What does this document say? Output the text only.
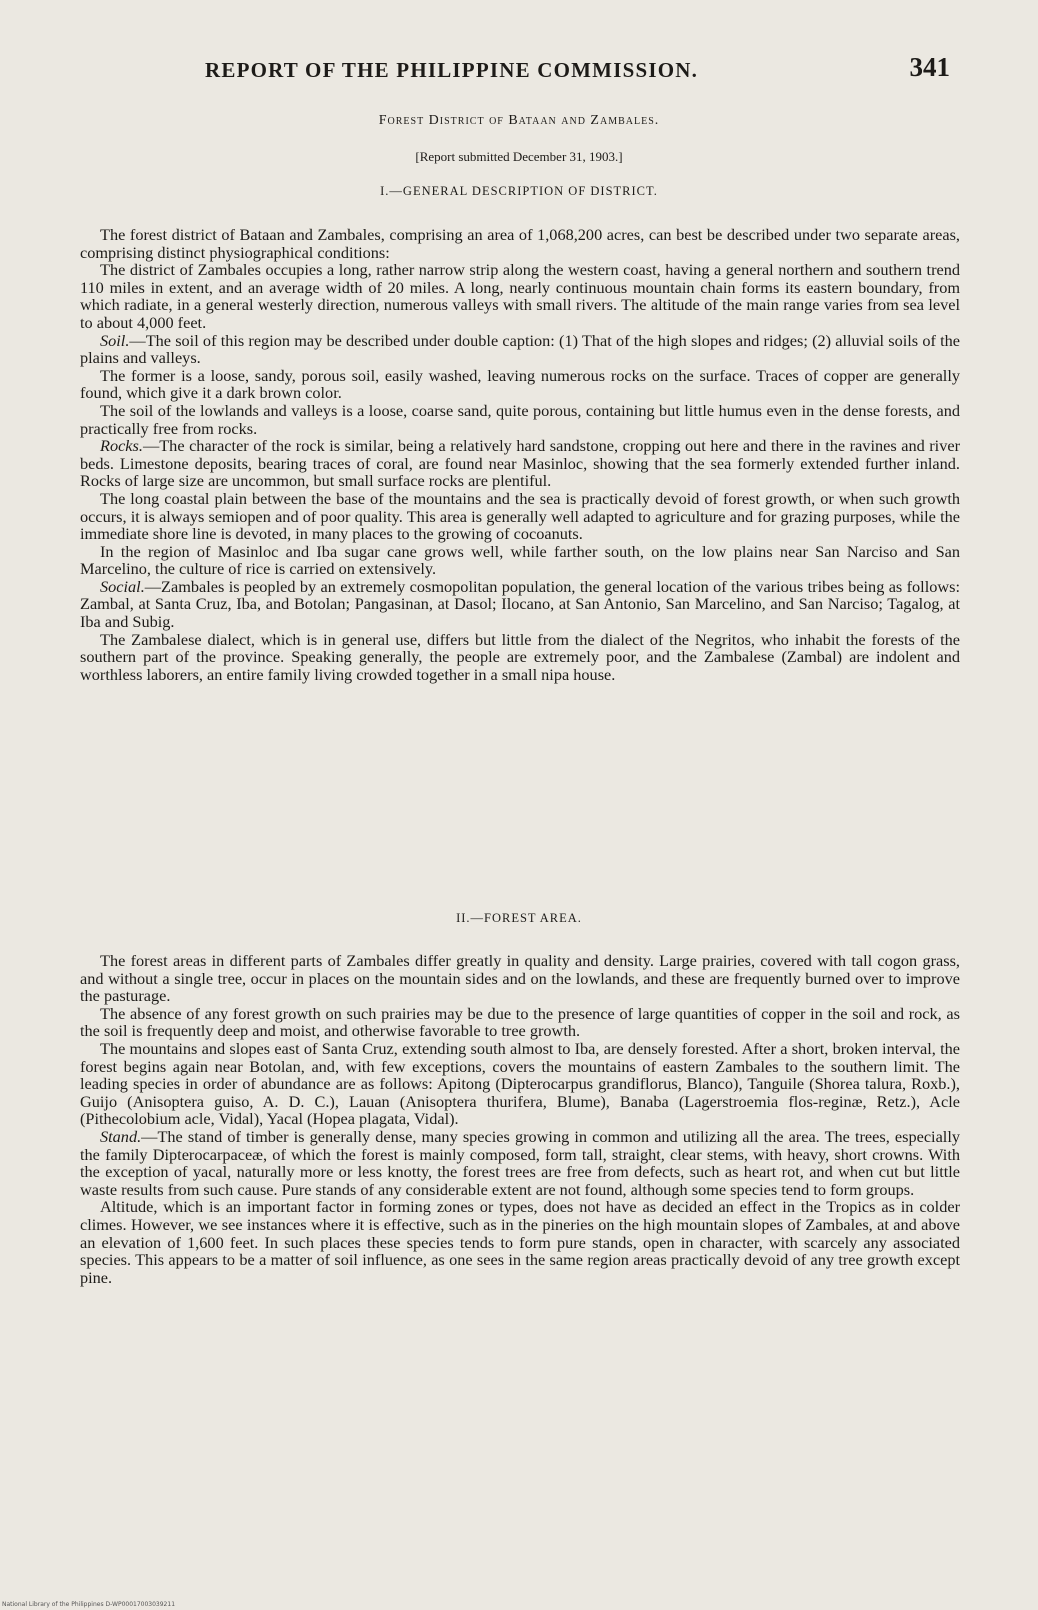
REPORT OF THE PHILIPPINE COMMISSION.	341
Forest District of Bataan and Zambales.
[Report submitted December 31, 1903.]
I.—GENERAL DESCRIPTION OF DISTRICT.

The forest district of Bataan and Zambales, comprising an area of 1,068,200 acres, can best be described under two separate areas, comprising distinct physiographical conditions:

The district of Zambales occupies a long, rather narrow strip along the western coast, having a general northern and southern trend 110 miles in extent, and an average width of 20 miles. A long, nearly continuous mountain chain forms its eastern boundary, from which radiate, in a general westerly direction, numerous valleys with small rivers. The altitude of the main range varies from sea level to about 4,000 feet.

Soil.—The soil of this region may be described under double caption: (1) That of the high slopes and ridges; (2) alluvial soils of the plains and valleys.

The former is a loose, sandy, porous soil, easily washed, leaving numerous rocks on the surface. Traces of copper are generally found, which give it a dark brown color.

The soil of the lowlands and valleys is a loose, coarse sand, quite porous, containing but little humus even in the dense forests, and practically free from rocks.

Rocks.—The character of the rock is similar, being a relatively hard sandstone, cropping out here and there in the ravines and river beds. Limestone deposits, bearing traces of coral, are found near Masinloc, showing that the sea formerly extended further inland. Rocks of large size are uncommon, but small surface rocks are plentiful.

The long coastal plain between the base of the mountains and the sea is practically devoid of forest growth, or when such growth occurs, it is always semiopen and of poor quality. This area is generally well adapted to agriculture and for grazing purposes, while the immediate shore line is devoted, in many places to the growing of cocoanuts.

In the region of Masinloc and Iba sugar cane grows well, while farther south, on the low plains near San Narciso and San Marcelino, the culture of rice is carried on extensively.

Social.—Zambales is peopled by an extremely cosmopolitan population, the general location of the various tribes being as follows: Zambal, at Santa Cruz, Iba, and Botolan; Pangasinan, at Dasol; Ilocano, at San Antonio, San Marcelino, and San Narciso; Tagalog, at Iba and Subig.

The Zambalese dialect, which is in general use, differs but little from the dialect of the Negritos, who inhabit the forests of the southern part of the province. Speaking generally, the people are extremely poor, and the Zambalese (Zambal) are indolent and worthless laborers, an entire family living crowded together in a small nipa house.

II.—FOREST AREA.

The forest areas in different parts of Zambales differ greatly in quality and density. Large prairies, covered with tall cogon grass, and without a single tree, occur in places on the mountain sides and on the lowlands, and these are frequently burned over to improve the pasturage.

The absence of any forest growth on such prairies may be due to the presence of large quantities of copper in the soil and rock, as the soil is frequently deep and moist, and otherwise favorable to tree growth.

The mountains and slopes east of Santa Cruz, extending south almost to Iba, are densely forested. After a short, broken interval, the forest begins again near Botolan, and, with few exceptions, covers the mountains of eastern Zambales to the southern limit. The leading species in order of abundance are as follows: Apitong (Dipterocarpus grandiflorus, Blanco), Tanguile (Shorea talura, Roxb.), Guijo (Anisoptera guiso, A. D. C.), Lauan (Anisoptera thurifera, Blume), Banaba (Lagerstroemia flos-reginæ, Retz.), Acle (Pithecolobium acle, Vidal), Yacal (Hopea plagata, Vidal).

Stand.—The stand of timber is generally dense, many species growing in common and utilizing all the area. The trees, especially the family Dipterocarpaceæ, of which the forest is mainly composed, form tall, straight, clear stems, with heavy, short crowns. With the exception of yacal, naturally more or less knotty, the forest trees are free from defects, such as heart rot, and when cut but little waste results from such cause. Pure stands of any considerable extent are not found, although some species tend to form groups.

Altitude, which is an important factor in forming zones or types, does not have as decided an effect in the Tropics as in colder climes. However, we see instances where it is effective, such as in the pineries on the high mountain slopes of Zambales, at and above an elevation of 1,600 feet. In such places these species tends to form pure stands, open in character, with scarcely any associated species. This appears to be a matter of soil influence, as one sees in the same region areas practically devoid of any tree growth except pine.

National Library of the Philippines D-WP00017003039211
